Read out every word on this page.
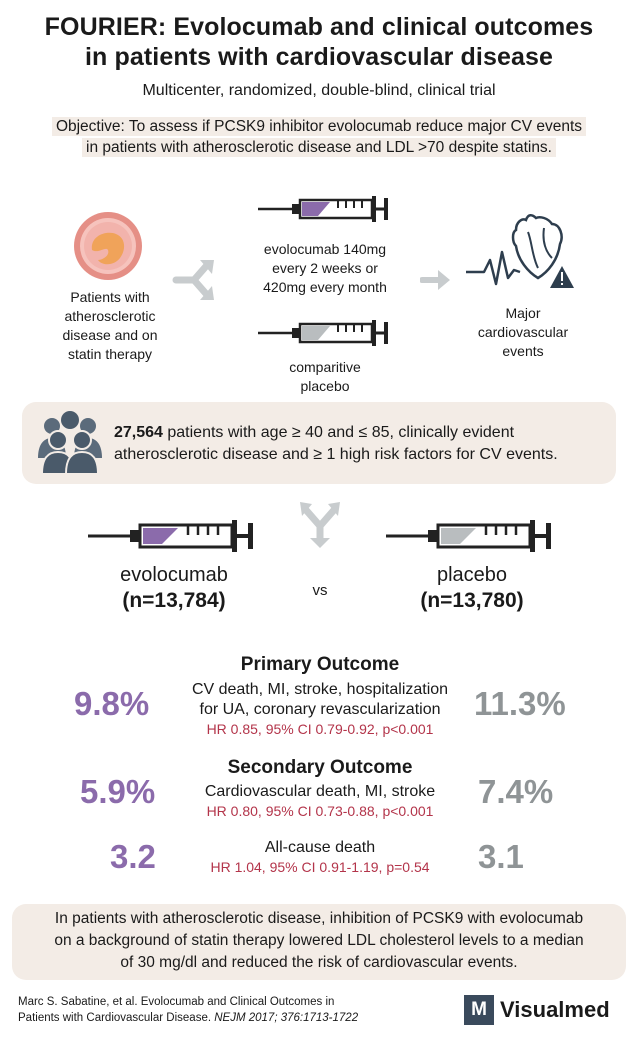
FOURIER: Evolocumab and clinical outcomes
in patients with cardiovascular disease
Multicenter, randomized, double-blind, clinical trial
Objective: To assess if PCSK9 inhibitor evolocumab reduce major CV events
in patients with atherosclerotic disease and LDL >70 despite statins.
Patients with
atherosclerotic
disease and on
statin therapy
evolocumab 140mg
every 2 weeks or
420mg every month
comparitive
placebo
Major
cardiovascular
events
27,564 patients with age ≥ 40 and ≤ 85, clinically evident
atherosclerotic disease and ≥ 1 high risk factors for CV events.
evolocumab
(n=13,784)	vs
placebo
(n=13,780)
Primary Outcome
CV death, MI, stroke, hospitalization
for UA, coronary revascularization
HR 0.85, 95% CI 0.79-0.92, p<0.001
9.8%	11.3%
Secondary Outcome
Cardiovascular death, MI, stroke
HR 0.80, 95% CI 0.73-0.88, p<0.001
5.9%	7.4%
All-cause death
HR 1.04, 95% CI 0.91-1.19, p=0.54
3.2	3.1
In patients with atherosclerotic disease, inhibition of PCSK9 with evolocumab
on a background of statin therapy lowered LDL cholesterol levels to a median
of 30 mg/dl and reduced the risk of cardiovascular events.
Marc S. Sabatine, et al. Evolocumab and Clinical Outcomes in
Patients with Cardiovascular Disease. NEJM 2017; 376:1713-1722	M Visualmed
